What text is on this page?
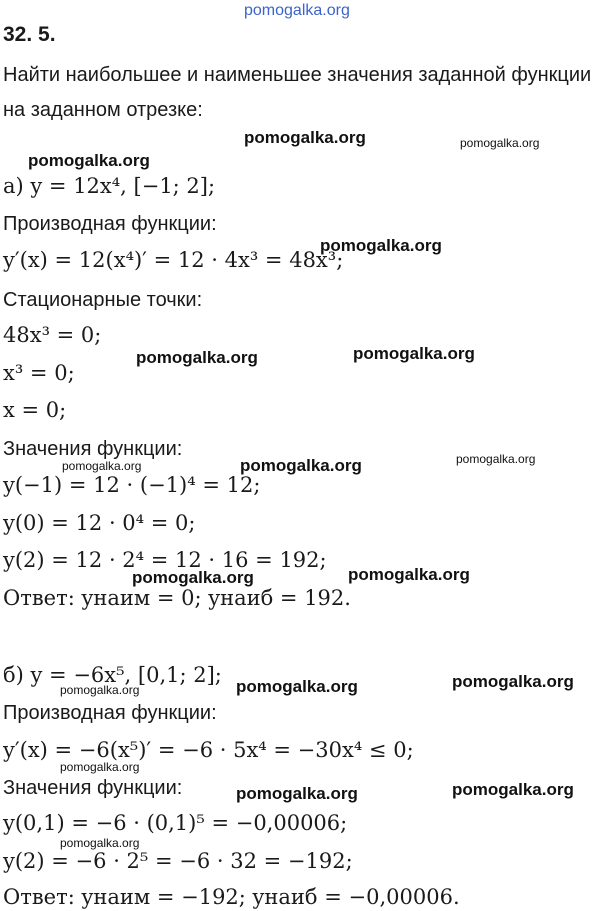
pomogalka.org
32. 5.
Найти наибольшее и наименьшее значения заданной функции
на заданном отрезке:
а) y = 12x⁴, [−1; 2];
Производная функции:
y′(x) = 12(x⁴)′ = 12 · 4x³ = 48x³;
Стационарные точки:
48x³ = 0;
x³ = 0;
x = 0;
Значения функции:
y(−1) = 12 · (−1)⁴ = 12;
y(0) = 12 · 0⁴ = 0;
y(2) = 12 · 2⁴ = 12 · 16 = 192;
Ответ: yнаим = 0; yнаиб = 192.
б) y = −6x⁵, [0,1; 2];
Производная функции:
y′(x) = −6(x⁵)′ = −6 · 5x⁴ = −30x⁴ ≤ 0;
Значения функции:
y(0,1) = −6 · (0,1)⁵ = −0,00006;
y(2) = −6 · 2⁵ = −6 · 32 = −192;
Ответ: yнаим = −192; yнаиб = −0,00006.
pomogalka.org	pomogalka.org
pomogalka.org
pomogalka.org
pomogalka.org	pomogalka.org
pomogalka.org	pomogalka.org	pomogalka.org
pomogalka.org	pomogalka.org
pomogalka.org	pomogalka.org	pomogalka.org
pomogalka.org
pomogalka.org	pomogalka.org
pomogalka.org
